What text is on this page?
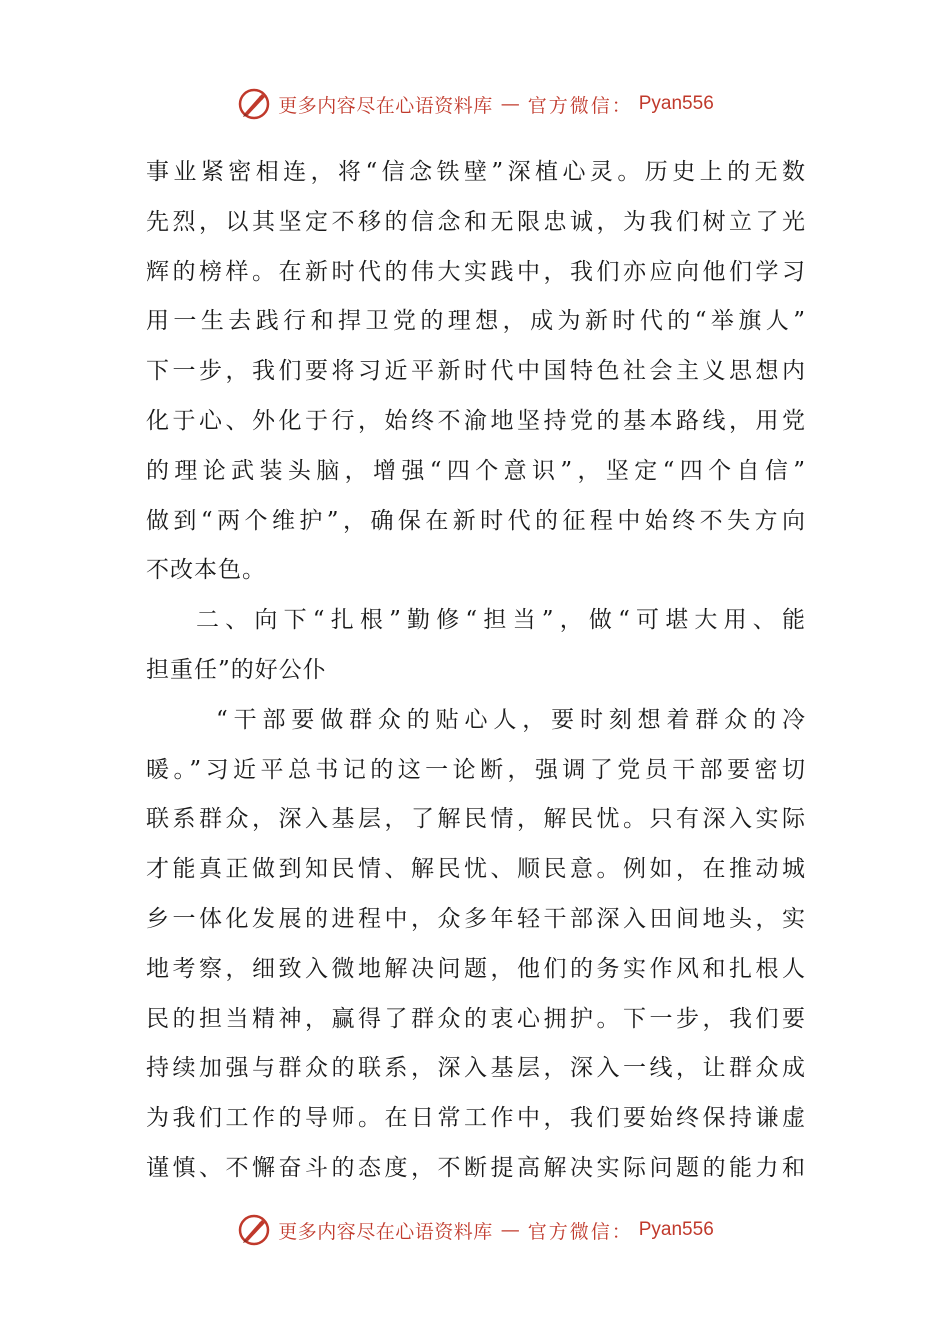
更多内容尽在心语资料库 — 官方微信： Pyan556
事业紧密相连，将“信念铁壁”深植心灵。历史上的无数
先烈，以其坚定不移的信念和无限忠诚，为我们树立了光
辉的榜样。在新时代的伟大实践中，我们亦应向他们学习
用一生去践行和捍卫党的理想，成为新时代的“举旗人”
下一步，我们要将习近平新时代中国特色社会主义思想内
化于心、外化于行，始终不渝地坚持党的基本路线，用党
的理论武装头脑，增强“四个意识”，坚定“四个自信”
做到“两个维护”，确保在新时代的征程中始终不失方向
不改本色。
二、向下“扎根”勤修“担当”，做“可堪大用、能
担重任”的好公仆
“干部要做群众的贴心人，要时刻想着群众的冷
暖。”习近平总书记的这一论断，强调了党员干部要密切
联系群众，深入基层，了解民情，解民忧。只有深入实际
才能真正做到知民情、解民忧、顺民意。例如，在推动城
乡一体化发展的进程中，众多年轻干部深入田间地头，实
地考察，细致入微地解决问题，他们的务实作风和扎根人
民的担当精神，赢得了群众的衷心拥护。下一步，我们要
持续加强与群众的联系，深入基层，深入一线，让群众成
为我们工作的导师。在日常工作中，我们要始终保持谦虚
谨慎、不懈奋斗的态度，不断提高解决实际问题的能力和
更多内容尽在心语资料库 — 官方微信： Pyan556
